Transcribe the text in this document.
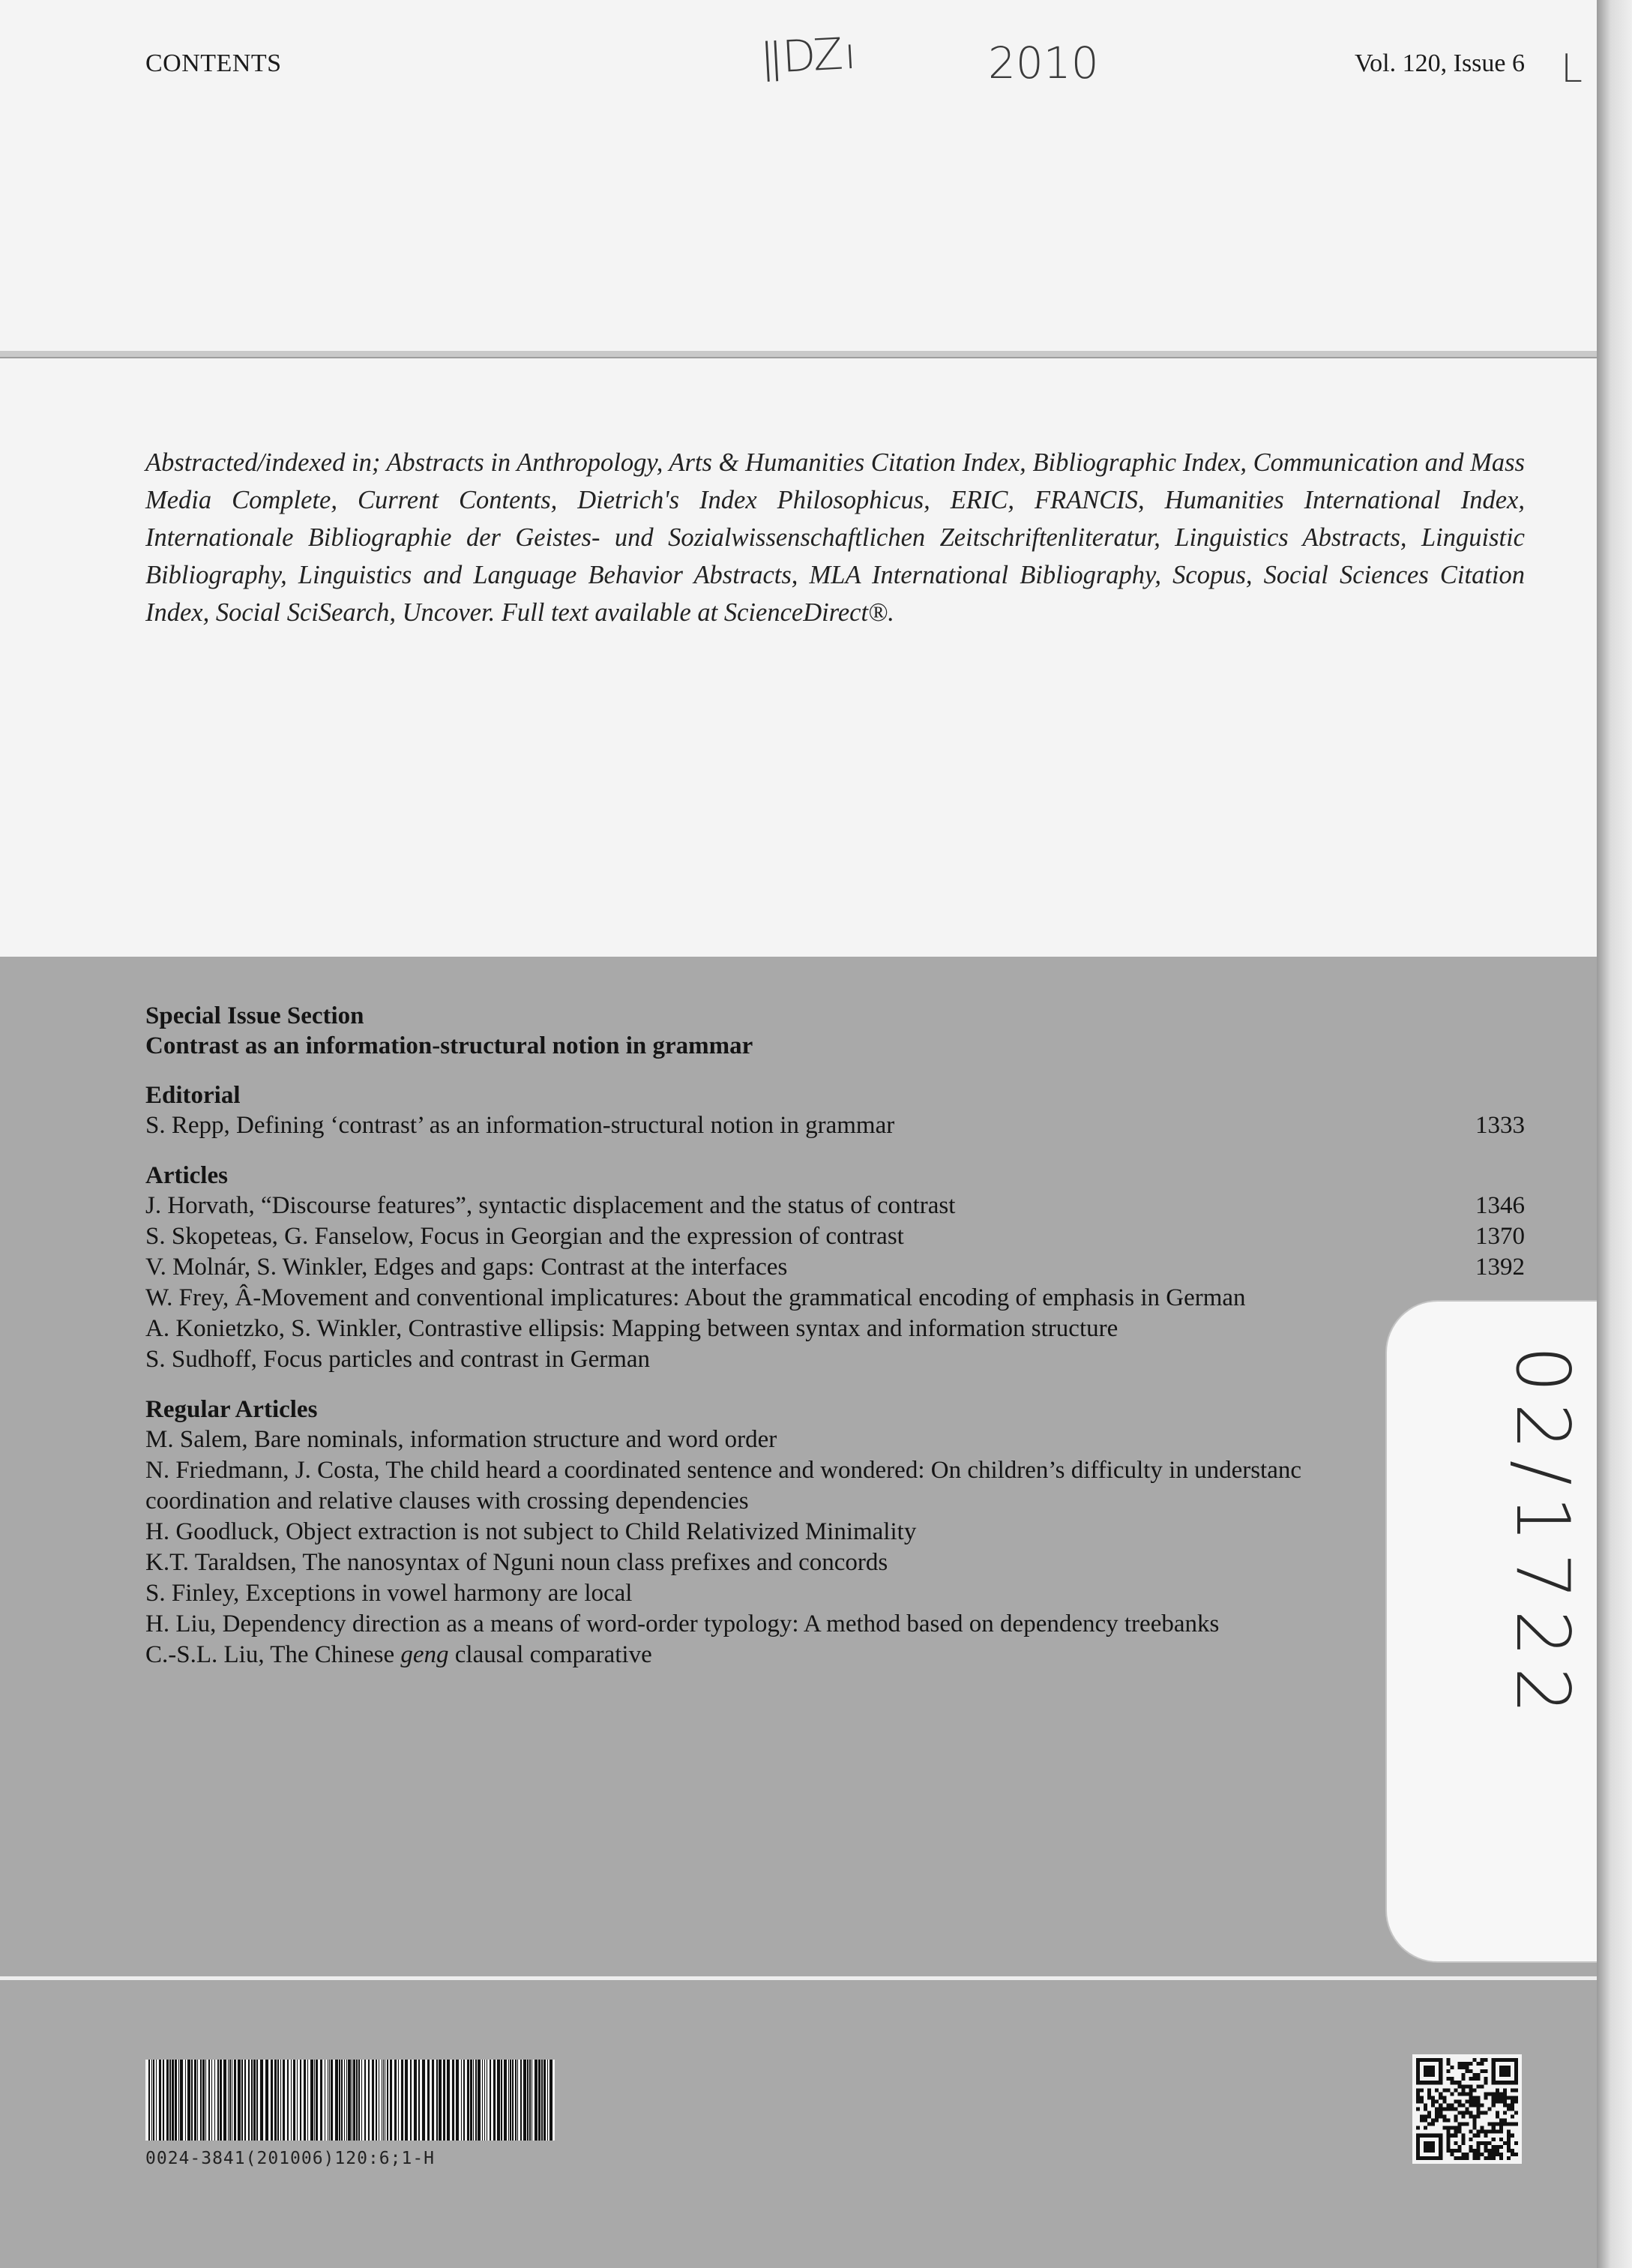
CONTENTS	ǁǱı	2010	Vol. 120, Issue 6 L
Abstracted/indexed in; Abstracts in Anthropology, Arts & Humanities Citation Index, Bibliographic Index, Communication and Mass Media Complete, Current Contents, Dietrich's Index Philosophicus, ERIC, FRANCIS, Humanities International Index, Internationale Bibliographie der Geistes- und Sozialwissenschaftlichen Zeitschriftenliteratur, Linguistics Abstracts, Linguistic Bibliography, Linguistics and Language Behavior Abstracts, MLA International Bibliography, Scopus, Social Sciences Citation Index, Social SciSearch, Uncover. Full text available at ScienceDirect®.
Special Issue Section
Contrast as an information-structural notion in grammar
Editorial
S. Repp, Defining ‘contrast’ as an information-structural notion in grammar	1333
Articles
J. Horvath, “Discourse features”, syntactic displacement and the status of contrast	1346
S. Skopeteas, G. Fanselow, Focus in Georgian and the expression of contrast	1370
V. Molnár, S. Winkler, Edges and gaps: Contrast at the interfaces	1392
W. Frey, Â-Movement and conventional implicatures: About the grammatical encoding of emphasis in German
A. Konietzko, S. Winkler, Contrastive ellipsis: Mapping between syntax and information structure
S. Sudhoff, Focus particles and contrast in German
Regular Articles
M. Salem, Bare nominals, information structure and word order
N. Friedmann, J. Costa, The child heard a coordinated sentence and wondered: On children’s difficulty in understanc
coordination and relative clauses with crossing dependencies
H. Goodluck, Object extraction is not subject to Child Relativized Minimality
K.T. Taraldsen, The nanosyntax of Nguni noun class prefixes and concords
S. Finley, Exceptions in vowel harmony are local
H. Liu, Dependency direction as a means of word-order typology: A method based on dependency treebanks
C.-S.L. Liu, The Chinese geng clausal comparative	02/1722
0024-3841(201006)120:6;1-H
